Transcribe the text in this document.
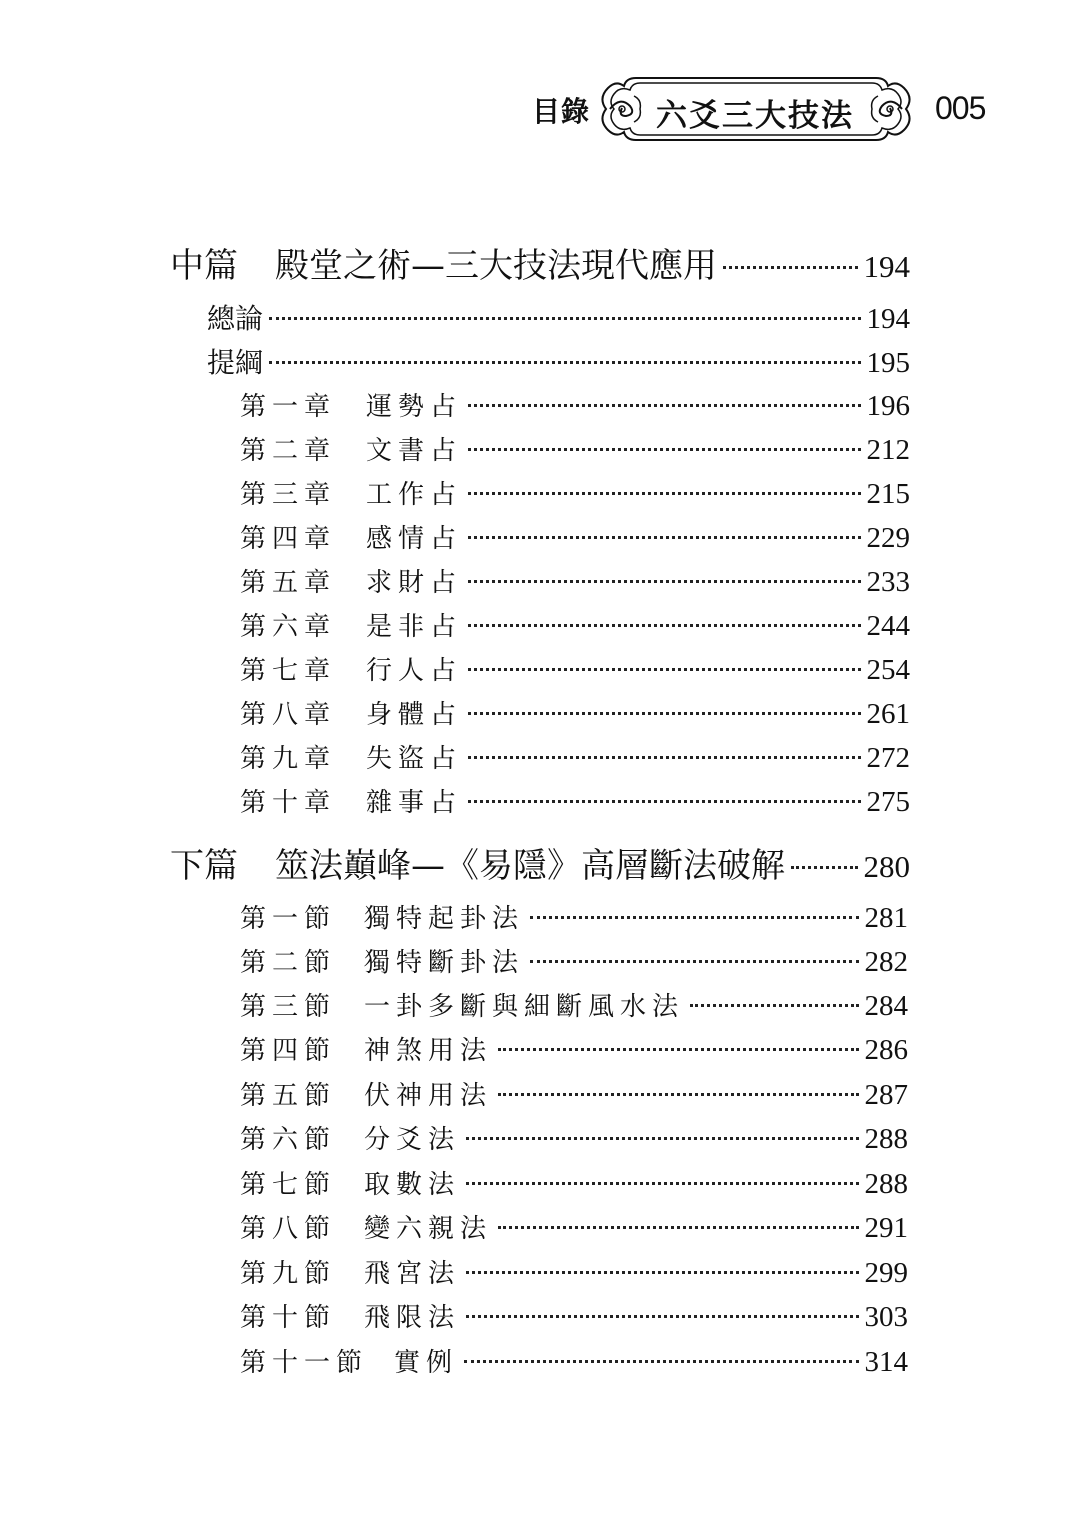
目錄 六爻三大技法	005
中篇 殿堂之術—三大技法現代應用	194
總論	194
提綱	195
第一章 運勢占	196
第二章 文書占	212
第三章 工作占	215
第四章 感情占	229
第五章 求財占	233
第六章 是非占	244
第七章 行人占	254
第八章 身體占	261
第九章 失盜占	272
第十章 雜事占	275
下篇 筮法巔峰—《易隱》高層斷法破解	280
第一節 獨特起卦法	281
第二節 獨特斷卦法	282
第三節 一卦多斷與細斷風水法	284
第四節 神煞用法	286
第五節 伏神用法	287
第六節 分爻法	288
第七節 取數法	288
第八節 變六親法	291
第九節 飛宮法	299
第十節 飛限法	303
第十一節 實例	314
